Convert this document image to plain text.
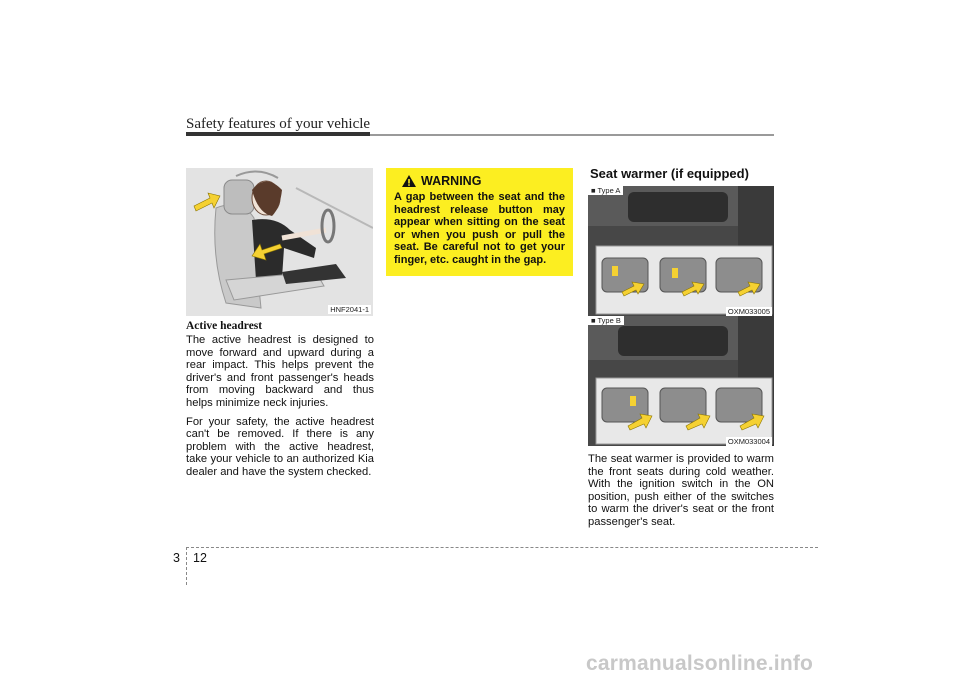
Safety features of your vehicle
HNF2041-1
Active headrest

The active headrest is designed to move forward and upward during a rear impact. This helps prevent the driver's and front passenger's heads from moving backward and thus helps minimize neck injuries.

For your safety, the active headrest can't be removed. If there is any problem with the active headrest, take your vehicle to an authorized Kia dealer and have the system checked.

WARNING
A gap between the seat and the headrest release button may appear when sitting on the seat or when you push or pull the seat. Be careful not to get your finger, etc. caught in the gap.
Seat warmer (if equipped)
■ Type A
OXM033005
■ Type B
OXM033004
The seat warmer is provided to warm the front seats during cold weather. With the ignition switch in the ON position, push either of the switches to warm the driver's seat or the front passenger's seat.
3 12
carmanualsonline.info
